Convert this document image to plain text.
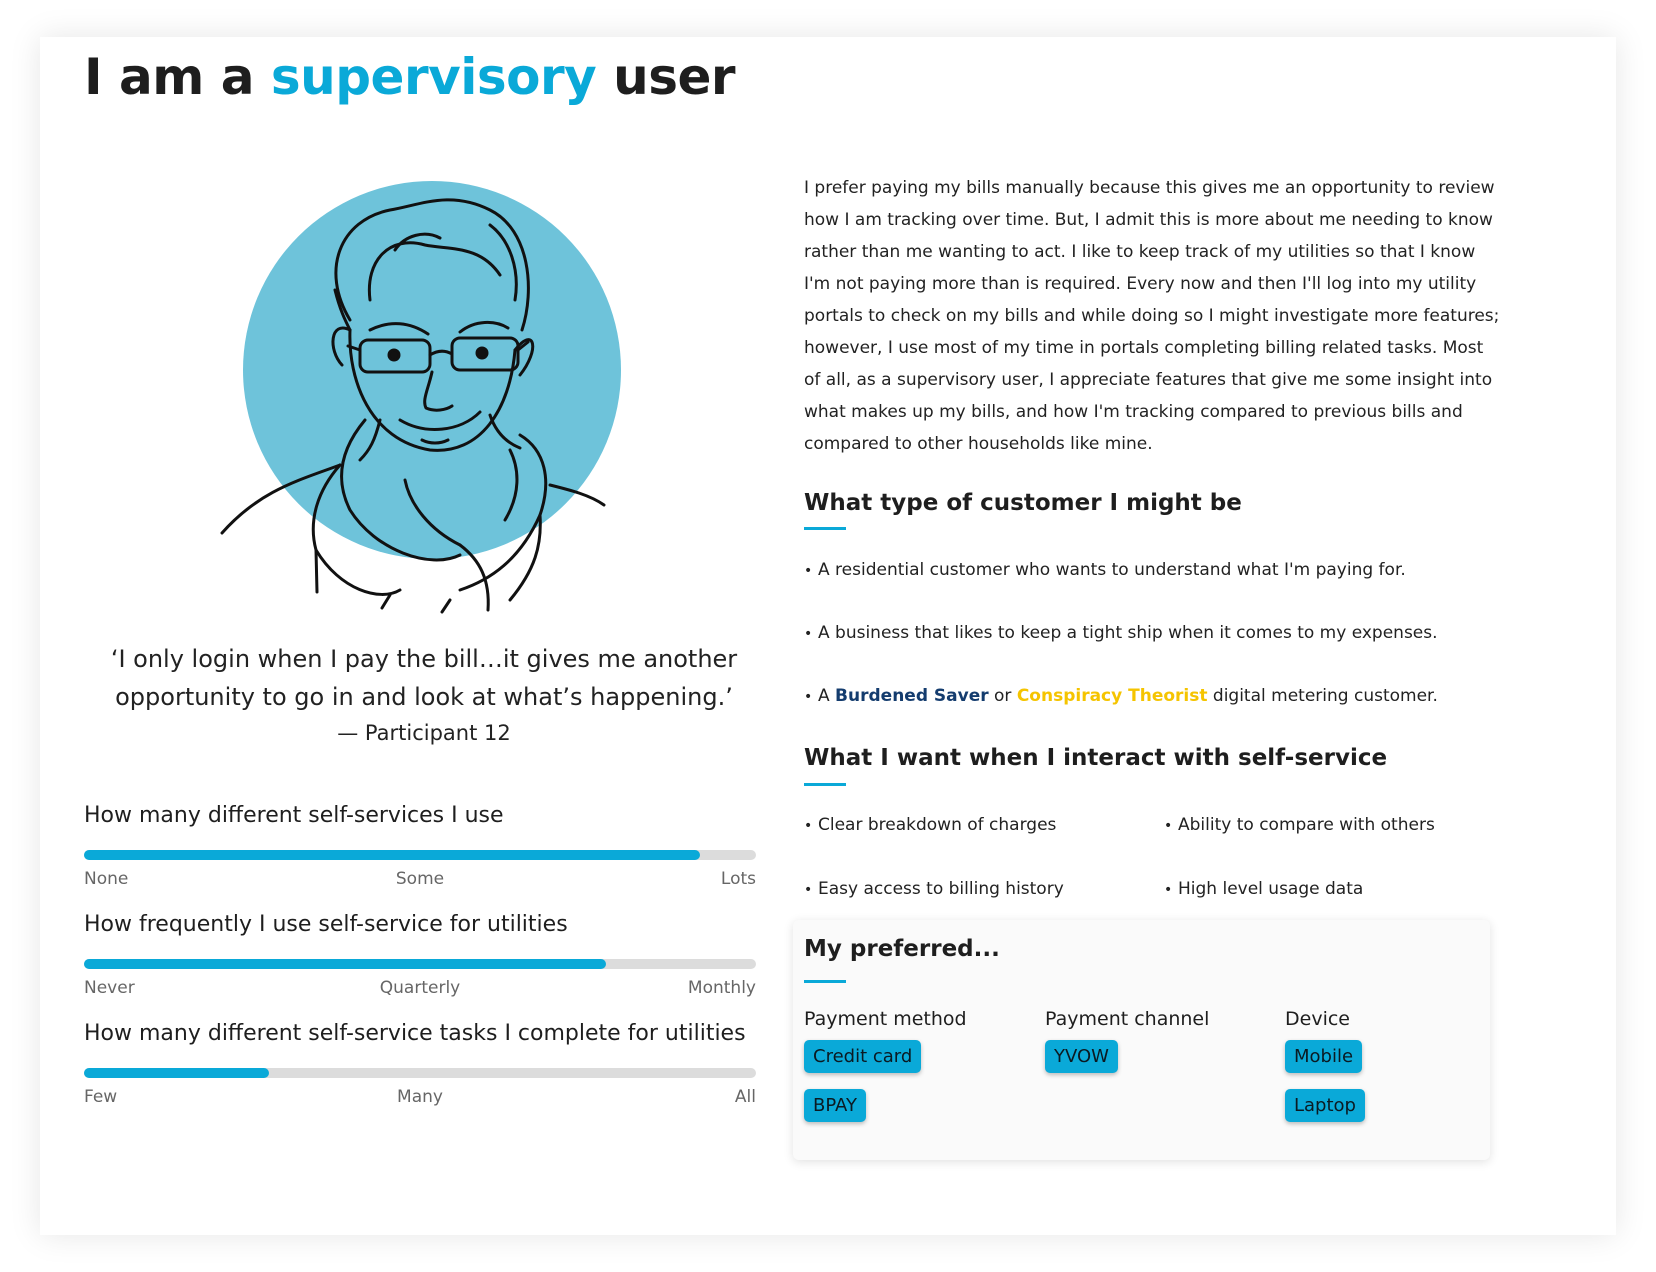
I am a supervisory user
‘I only login when I pay the bill…it gives me another opportunity to go in and look at what’s happening.’
— Participant 12

How many different self-services I use

None	Some	Lots

How frequently I use self-service for utilities

Never	Quarterly	Monthly

How many different self-service tasks I complete for utilities

Few	Many	All

I prefer paying my bills manually because this gives me an opportunity to review how I am tracking over time. But, I admit this is more about me needing to know rather than me wanting to act. I like to keep track of my utilities so that I know I'm not paying more than is required. Every now and then I'll log into my utility portals to check on my bills and while doing so I might investigate more features; however, I use most of my time in portals completing billing related tasks. Most of all, as a supervisory user, I appreciate features that give me some insight into what makes up my bills, and how I'm tracking compared to previous bills and compared to other households like mine.

What type of customer I might be
• A residential customer who wants to understand what I'm paying for.
• A business that likes to keep a tight ship when it comes to my expenses.
• A Burdened Saver or Conspiracy Theorist digital metering customer.
What I want when I interact with self-service
• Clear breakdown of charges	• Ability to compare with others
• Easy access to billing history	• High level usage data
My preferred...

Payment method

Credit card
BPAY

Payment channel

YVOW

Device

Mobile
Laptop
